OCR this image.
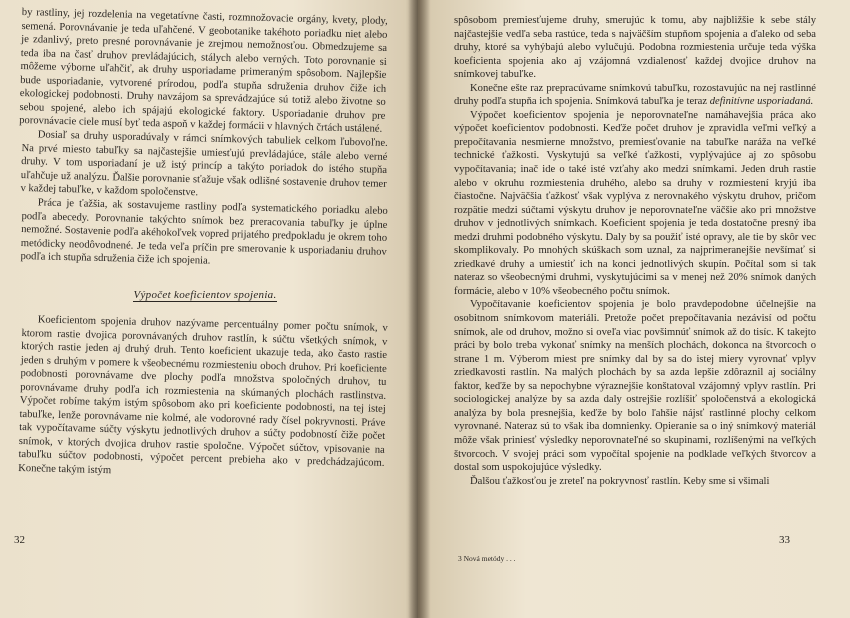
by rastliny, jej rozdelenia na vegetatívne časti, rozmnožovacie orgány, kvety, plody, semená. Porovnávanie je teda uľahčené. V geobotanike takéhoto poriadku niet alebo je zdanlivý, preto presné porovnávanie je zrejmou nemožnosťou. Obmedzujeme sa teda iba na časť druhov prevládajúcich, stálych alebo verných. Toto porovnanie si môžeme výborne uľahčiť, ak druhy usporiadame primeraným spôsobom. Najlepšie bude usporiadanie, vytvorené prírodou, podľa stupňa sdruženia druhov čiže ich ekologickej podobnosti. Druhy navzájom sa sprevádzajúce sú totiž alebo životne so sebou spojené, alebo ich spájajú ekologické faktory. Usporiadanie druhov pre porovnávacie ciele musí byť teda aspoň v každej formácii v hlavných črtách ustálené.

Dosiaľ sa druhy usporadúvaly v rámci snímkových tabuliek celkom ľubovoľne. Na prvé miesto tabuľky sa najčastejšie umiesťujú prevládajúce, stále alebo verné druhy. V tom usporiadaní je už istý princíp a takýto poriadok do istého stupňa uľahčuje už analýzu. Ďalšie porovnanie sťažuje však odlišné sostavenie druhov temer v každej tabuľke, v každom spoločenstve.

Práca je ťažšia, ak sostavujeme rastliny podľa systematického poriadku alebo podľa abecedy. Porovnanie takýchto snímok bez preracovania tabuľky je úplne nemožné. Sostavenie podľa akéhokoľvek vopred prijatého predpokladu je okrem toho metódicky neodôvodnené. Je teda veľa príčin pre smerovanie k usporiadaniu druhov podľa ich stupňa sdruženia čiže ich spojenia.

Výpočet koeficientov spojenia.

Koeficientom spojenia druhov nazývame percentuálny pomer počtu snímok, v ktorom rastie dvojica porovnávaných druhov rastlín, k súčtu všetkých snímok, v ktorých rastie jeden aj druhý druh. Tento koeficient ukazuje teda, ako často rastie jeden s druhým v pomere k všeobecnému rozmiesteniu oboch druhov. Pri koeficiente podobnosti porovnávame dve plochy podľa množstva spoločných druhov, tu porovnávame druhy podľa ich rozmiestenia na skúmaných plochách rastlinstva. Výpočet robíme takým istým spôsobom ako pri koeficiente podobnosti, na tej istej tabuľke, lenže porovnávame nie kolmé, ale vodorovné rady čísel pokryvnosti. Práve tak vypočítavame súčty výskytu jednotlivých druhov a súčty podobností čiže počet snímok, v ktorých dvojica druhov rastie spoločne. Výpočet súčtov, vpisovanie na tabuľku súčtov podobnosti, výpočet percent prebieha ako v predchádzajúcom. Konečne takým istým

32

spôsobom premiesťujeme druhy, smerujúc k tomu, aby najbližšie k sebe stály najčastejšie vedľa seba rastúce, teda s najväčším stupňom spojenia a ďaleko od seba druhy, ktoré sa vyhýbajú alebo vylučujú. Podobna rozmiestenia určuje teda výška koeficienta spojenia ako aj vzájomná vzdialenosť každej dvojice druhov na snímkovej tabuľke.

Konečne ešte raz prepracúvame snímkovú tabuľku, rozostavujúc na nej rastlinné druhy podľa stupňa ich spojenia. Snímková tabuľka je teraz definitívne usporiadaná.

Výpočet koeficientov spojenia je neporovnateľne namáhavejšia práca ako výpočet koeficientov podobnosti. Keďže počet druhov je zpravidla veľmi veľký a prepočítavania nesmierne množstvo, premiesťovanie na tabuľke naráža na veľké technické ťažkosti. Vyskytujú sa veľké ťažkosti, vyplývajúce aj zo spôsobu vypočítavania; inač ide o také isté vzťahy ako medzi snímkami. Jeden druh rastie alebo v okruhu rozmiestenia druhého, alebo sa druhy v rozmiestení kryjú iba čiastočne. Najväčšia ťažkosť však vyplýva z nerovnakého výskytu druhov, pričom rozpätie medzi súčtami výskytu druhov je neporovnateľne väčšie ako pri množstve druhov v jednotlivých snímkach. Koeficient spojenia je teda dostatočne presný iba medzi druhmi podobného výskytu. Daly by sa použiť isté opravy, ale tie by skôr vec skomplikovaly. Po mnohých skúškach som uznal, za najprimeranejšie nevšímať si zriedkavé druhy a umiestiť ich na konci jednotlivých skupín. Počítal som si tak nateraz so všeobecnými druhmi, vyskytujúcimi sa v menej než 20% snímok daných formácie, alebo v 10% všeobecného počtu snímok.

Vypočítavanie koeficientov spojenia je bolo pravdepodobne účelnejšie na osobitnom snímkovom materiáli. Pretože počet prepočítavania nezávisí od počtu snímok, ale od druhov, možno si oveľa viac povšimnúť snímok až do tisíc. K takejto práci by bolo treba vykonať snímky na menších plochách, dokonca na štvorcoch o strane 1 m. Výberom miest pre snímky dal by sa do istej miery vyrovnať vplyv zriedkavosti rastlín. Na malých plochách by sa azda lepšie zdôraznil aj sociálny faktor, keďže by sa nepochybne výraznejšie konštatoval vzájomný vplyv rastlín. Pri sociologickej analýze by sa azda daly ostrejšie rozlíšiť spoločenstvá a ekologická analýza by bola presnejšia, keďže by bolo ľahšie nájsť rastlinné plochy celkom vyrovnané. Nateraz sú to však iba domnienky. Opieranie sa o iný snímkový materiál môže však priniesť výsledky neporovnateľné so skupinami, rozlíšenými na veľkých štvorcoch. V svojej práci som vypočítal spojenie na podklade veľkých štvorcov a dostal som uspokojujúce výsledky.

Ďalšou ťažkosťou je zreteľ na pokryvnosť rastlín. Keby sme si všimali

3 Nová metódy . . .
33
